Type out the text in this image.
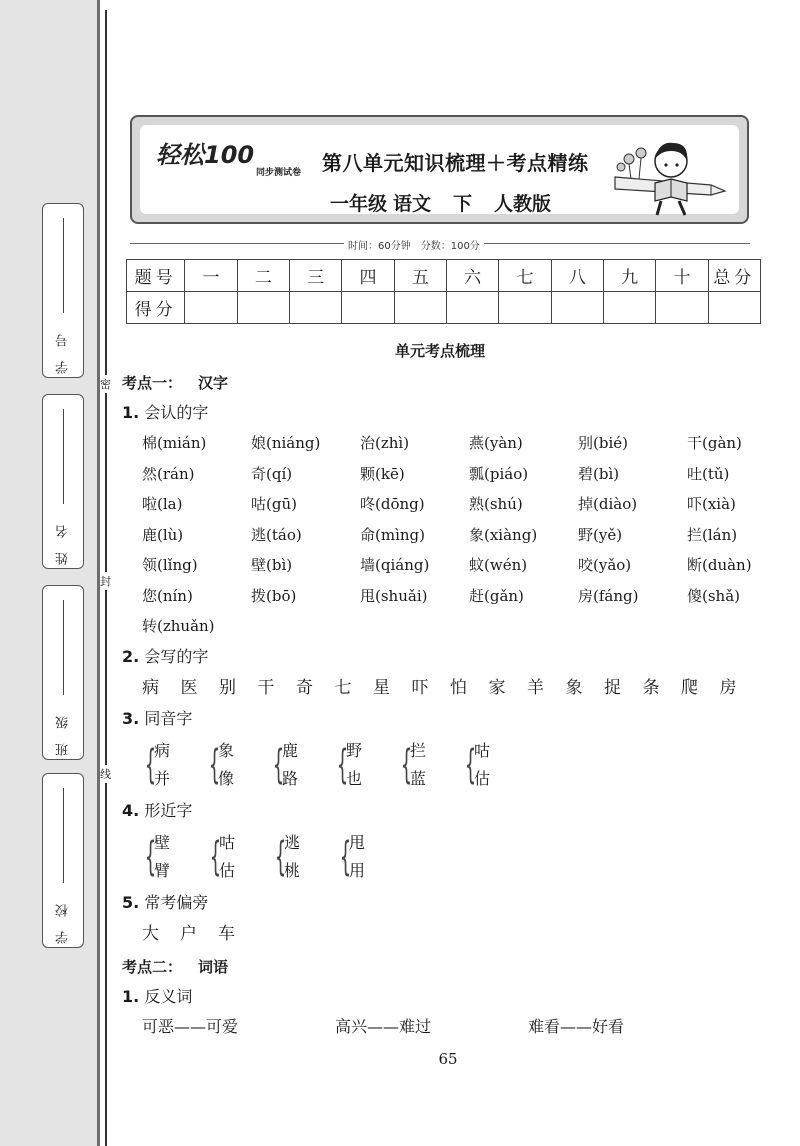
学号
姓名
班级
学校
密
封
线
轻松100
同步测试卷 第八单元知识梳理＋考点精练
一年级 语文 下 人教版
时间：60分钟　分数：100分
题号	一	二	三	四	五	六	七	八	九	十	总分
得分											
单元考点梳理
考点一： 汉字
1. 会认的字
棉(mián)	娘(niáng)	治(zhì)	燕(yàn)	别(bié)	干(gàn)
然(rán)	奇(qí)	颗(kē)	瓢(piáo)	碧(bì)	吐(tǔ)
啦(la)	咕(gū)	咚(dōng)	熟(shú)	掉(diào)	吓(xià)
鹿(lù)	逃(táo)	命(mìng)	象(xiàng)	野(yě)	拦(lán)
领(lǐng)	壁(bì)	墙(qiáng)	蚊(wén)	咬(yǎo)	断(duàn)
您(nín)	拨(bō)	甩(shuǎi)	赶(gǎn)	房(fáng)	傻(shǎ)
转(zhuǎn)
2. 会写的字
病 医 别 干 奇 七 星 吓 怕 家 羊 象 捉 条 爬 房
3. 同音字
{
病
并 {
象
像 {
鹿
路 {
野
也 {
拦
蓝 {
咕
估
4. 形近字
{
壁
臂 {
咕
估 {
逃
桃 {
甩
用
5. 常考偏旁
大 户 车
考点二： 词语
1. 反义词
可恶——可爱	高兴——难过	难看——好看
65
